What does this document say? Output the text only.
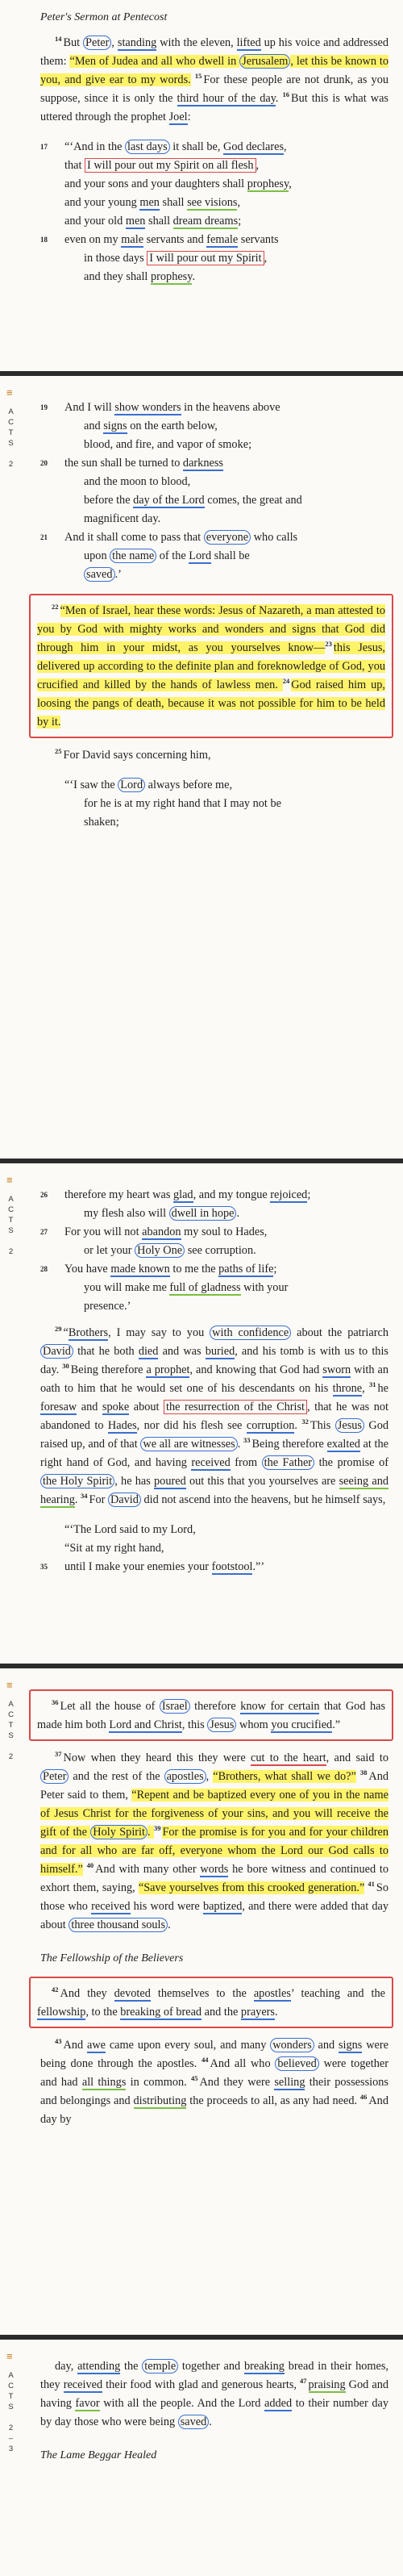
Peter's Sermon at Pentecost

$^{14}$ But Peter , standing with the eleven, lifted up his voice and addressed them: “Men of Judea and all who dwell in Jerusalem , let this be known to you, and give ear to my words. $^{15}$ For these people are not drunk, as you suppose, since it is only the third hour of the day. $^{16}$ But this is what was uttered through the prophet Joel:

17 “‘And in the last days it shall be, God declares,
that I will pour out my Spirit on all flesh ,
and your sons and your daughters shall prophesy,
and your young men shall see visions,
and your old men shall dream dreams;
18 even on my male servants and female servants
in those days I will pour out my Spirit ,
and they shall prophesy.
≡
A
C
T
S

2
19 And I will show wonders in the heavens above
and signs on the earth below,
blood, and fire, and vapor of smoke;
20 the sun shall be turned to darkness
and the moon to blood,
before the day of the Lord comes, the great and
magnificent day.
21 And it shall come to pass that everyone who calls
upon the name of the Lord shall be
saved .’

$^{22}$ “Men of Israel, hear these words: Jesus of Nazareth, a man attested to you by God with mighty works and wonders and signs that God did through him in your midst, as you yourselves know—$^{23}$ this Jesus, delivered up according to the definite plan and foreknowledge of God, you crucified and killed by the hands of lawless men. $^{24}$ God raised him up, loosing the pangs of death, because it was not possible for him to be held by it.

$^{25}$ For David says concerning him,

“‘I saw the Lord always before me,
for he is at my right hand that I may not be
shaken;
≡
A
C
T
S

2
26 therefore my heart was glad, and my tongue rejoiced;
my flesh also will dwell in hope .
27 For you will not abandon my soul to Hades,
or let your Holy One see corruption.
28 You have made known to me the paths of life;
you will make me full of gladness with your
presence.’

$^{29}$ “Brothers, I may say to you with confidence about the patriarch David that he both died and was buried, and his tomb is with us to this day. $^{30}$ Being therefore a prophet, and knowing that God had sworn with an oath to him that he would set one of his descendants on his throne, $^{31}$ he foresaw and spoke about the resurrection of the Christ , that he was not abandoned to Hades, nor did his flesh see corruption. $^{32}$ This Jesus God raised up, and of that we all are witnesses . $^{33}$ Being therefore exalted at the right hand of God, and having received from the Father the promise of the Holy Spirit , he has poured out this that you yourselves are seeing and hearing. $^{34}$ For David did not ascend into the heavens, but he himself says,

“‘The Lord said to my Lord,
“Sit at my right hand,
35 until I make your enemies your footstool.”’
≡
A
C
T
S

2

$^{36}$ Let all the house of Israel therefore know for certain that God has made him both Lord and Christ, this Jesus whom you crucified.”

$^{37}$ Now when they heard this they were cut to the heart, and said to Peter and the rest of the apostles , “Brothers, what shall we do?” $^{38}$ And Peter said to them, “Repent and be baptized every one of you in the name of Jesus Christ for the forgiveness of your sins, and you will receive the gift of the Holy Spirit . $^{39}$ For the promise is for you and for your children and for all who are far off, everyone whom the Lord our God calls to himself.” $^{40}$ And with many other words he bore witness and continued to exhort them, saying, “Save yourselves from this crooked generation.” $^{41}$ So those who received his word were baptized, and there were added that day about three thousand souls .

The Fellowship of the Believers

$^{42}$ And they devoted themselves to the apostles’ teaching and the fellowship, to the breaking of bread and the prayers.

$^{43}$ And awe came upon every soul, and many wonders and signs were being done through the apostles. $^{44}$ And all who believed were together and had all things in common. $^{45}$ And they were selling their possessions and belongings and distributing the proceeds to all, as any had need. $^{46}$ And day by

≡
A
C
T
S

2
–
3

day, attending the temple together and breaking bread in their homes, they received their food with glad and generous hearts, $^{47}$ praising God and having favor with all the people. And the Lord added to their number day by day those who were being saved .

The Lame Beggar Healed
